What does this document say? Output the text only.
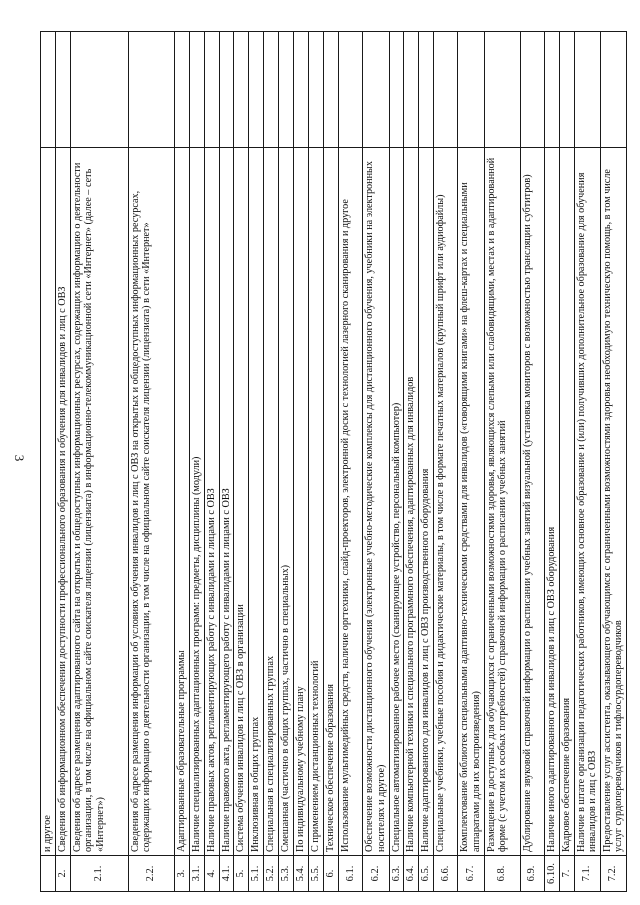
3
	и другое	
2.	Сведения об информационном обеспечении доступности профессионального образования и обучения для инвалидов и лиц с ОВЗ	
2.1.	Сведения об адресе размещения адаптированного сайта на открытых и общедоступных информационных ресурсах, содержащих информацию о деятельности организации, в том числе на официальном сайте соискателя лицензии (лицензиата) в информационно-телекоммуникационной сети «Интернет» (далее – сеть «Интернет»)	
2.2.	Сведения об адресе размещения информации об условиях обучения инвалидов и лиц с ОВЗ на открытых и общедоступных информационных ресурсах, содержащих информацию о деятельности организации, в том числе на официальном сайте соискателя лицензии (лицензиата) в сети «Интернет»	
3.	Адаптированные образовательные программы	
3.1.	Наличие специализированных адаптационных программ: предметы, дисциплины (модули)	
4.	Наличие правовых актов, регламентирующих работу с инвалидами и лицами с ОВЗ	
4.1.	Наличие правового акта, регламентирующего работу с инвалидами и лицами с ОВЗ	
5.	Система обучения инвалидов и лиц с ОВЗ в организации	
5.1.	Инклюзивная в общих группах	
5.2.	Специальная в специализированных группах	
5.3.	Смешанная (частично в общих группах, частично в специальных)	
5.4.	По индивидуальному учебному плану	
5.5.	С применением дистанционных технологий	
6.	Техническое обеспечение образования	
6.1.	Использование мультимедийных средств, наличие оргтехники, слайд-проекторов, электронной доски с технологией лазерного сканирования и другое	
6.2.	Обеспечение возможности дистанционного обучения (электронные учебно-методические комплексы для дистанционного обучения, учебники на электронных носителях и другое)	
6.3.	Специальное автоматизированное рабочее место (сканирующее устройство, персональный компьютер)	
6.4.	Наличие компьютерной техники и специального программного обеспечения, адаптированных для инвалидов	
6.5.	Наличие адаптированного для инвалидов и лиц с ОВЗ производственного оборудования	
6.6.	Специальные учебники, учебные пособия и дидактические материалы, в том числе в формате печатных материалов (крупный шрифт или аудиофайлы)	
6.7.	Комплектование библиотек специальными адаптивно-техническими средствами для инвалидов («говорящими книгами» на флеш-картах и специальными аппаратами для их воспроизведения)	
6.8.	Размещение в доступных для обучающихся с ограниченными возможностями здоровья, являющихся слепыми или слабовидящими, местах и в адаптированной форме (с учетом их особых потребностей) справочной информации о расписании учебных занятий	
6.9.	Дублирование звуковой справочной информации о расписании учебных занятий визуальной (установка мониторов с возможностью трансляции субтитров)	
6.10.	Наличие иного адаптированного для инвалидов и лиц с ОВЗ оборудования	
7.	Кадровое обеспечение образования	
7.1.	Наличие в штате организации педагогических работников, имеющих основное образование и (или) получивших дополнительное образование для обучения инвалидов и лиц с ОВЗ	
7.2.	Предоставление услуг ассистента, оказывающего обучающимся с ограниченными возможностями здоровья необходимую техническую помощь, в том числе услуг сурдопереводчиков и тифлосурдопереводчиков	
